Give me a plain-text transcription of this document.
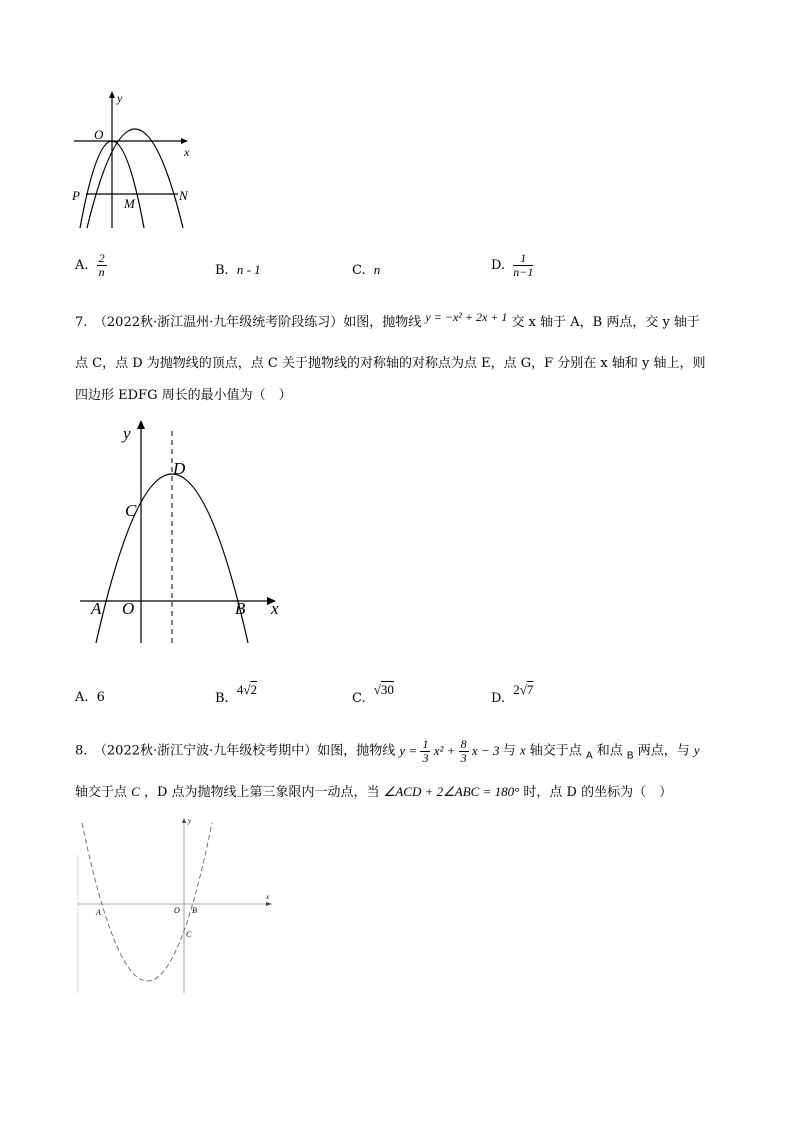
y
x
O
P
M
N
A. $\frac{2}{n}$	B. n - 1	C. n	D. $\frac{1}{n-1}$
7.　（2022秋·浙江温州·九年级统考阶段练习）如图，抛物线 y = −x² + 2x + 1 交 x 轴于 A，B 两点，交 y 轴于
点 C，点 D 为抛物线的顶点，点 C 关于抛物线的对称轴的对称点为点 E，点 G，F 分别在 x 轴和 y 轴上，则
四边形 EDFG 周长的最小值为（　）
y
x
O
A	B
C
D
A. 6	B. 4√2
C. √30
D. 2√7
8.　（2022秋·浙江宁波·九年级校考期中）如图，抛物线 $y = \frac{1}{3} x^2 + \frac{8}{3}$ x − 3 与 x 轴交于点 $_A$ 和点 $_B$ 两点，与 y
轴交于点 C ，D 点为抛物线上第三象限内一动点，当 ∠ACD + 2∠ABC = 180° 时，点 D 的坐标为（　）
y
x
O
A	B
C
